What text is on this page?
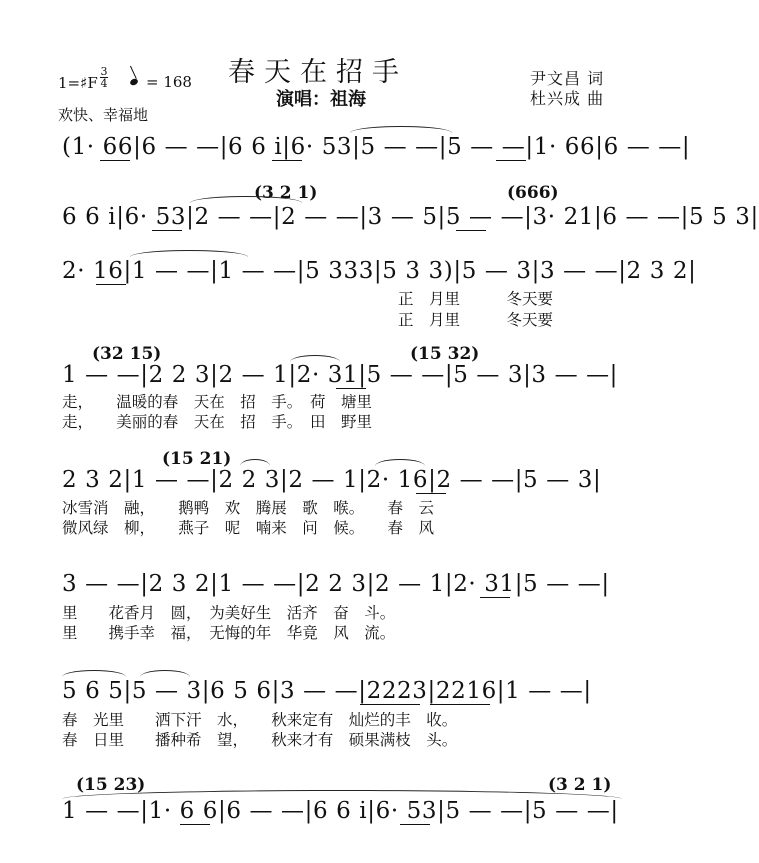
春天在招手
演唱：祖海
尹文昌 词
杜兴成 曲
1=♯F
3
4	= 168
欢快、幸福地
(3 2 1)	(666)
(32 15)	(15 32)
(15 21)
(15 23)	(3 2 1)
(1· 66|6 — —|6 6 i|6· 53|5 — —|5 — —|1· 66|6 — —|
6 6 i|6· 53|2 — —|2 — —|3 — 5|5 — —|3· 21|6 — —|5 5 3|
2· 16|1 — —|1 — —|5 333|5 3 3)|5 — 3|3 — —|2 3 2|
1 — —|2 2 3|2 — 1|2· 31|5 — —|5 — 3|3 — —|
2 3 2|1 — —|2 2 3|2 — 1|2· 16|2 — —|5 — 3|
3 — —|2 3 2|1 — —|2 2 3|2 — 1|2· 31|5 — —|
5 6 5|5 — 3|6 5 6|3 — —|2223|2216|1 — —|
1 — —|1· 6 6|6 — —|6 6 i|6· 53|5 — —|5 — —|
正　月里　　　冬天要
正　月里　　　冬天要
走，　　温暖的春　天在　招　手。　荷　塘里
走，　　美丽的春　天在　招　手。　田　野里
冰雪消　融，　　鹅鸭　欢　腾展　歌　喉。　　春　云
微风绿　柳，　　燕子　呢　喃来　问　候。　　春　风
里　　花香月　圆，　为美好生　活齐　奋　斗。
里　　携手幸　福，　无悔的年　华竟　风　流。
春　光里　　洒下汗　水，　　秋来定有　灿烂的丰　收。
春　日里　　播种希　望，　　秋来才有　硕果满枝　头。
